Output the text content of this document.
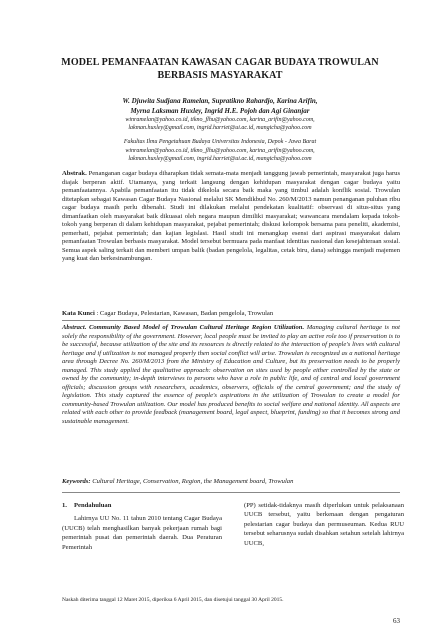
MODEL PEMANFAATAN KAWASAN CAGAR BUDAYA TROWULAN
BERBASIS MASYARAKAT
W. Djuwita Sudjana Ramelan, Supratikno Rahardjo, Karina Arifin,
Myrna Laksman Huxley, Ingrid H.E. Pojoh dan Agi Ginanjar
winramelan@yahoo.co.id, tikno_flhu@yahoo.com, karina_arifin@yahoo.com,
lakman.huxley@gmail.com, ingrid.harriet@ui.ac.id, mangicha@yahoo.com
Fakultas Ilmu Pengetahuan Budaya Universitas Indonesia, Depok - Jawa Barat
winramelan@yahoo.co.id, tikno_flhu@yahoo.com, karina_arifin@yahoo.com,
lakman.huxley@gmail.com, ingrid.harriet@ui.ac.id, mangicha@yahoo.com
Abstrak. Penanganan cagar budaya diharapkan tidak semata-mata menjadi tanggung jawab pemerintah, masyarakat juga harus diajak berperan aktif. Utamanya, yang terkait langsung dengan kehidupan masyarakat dengan cagar budaya yaitu pemanfaatannya. Apabila pemanfaatan itu tidak dikelola secara baik maka yang timbul adalah konflik sosial. Trowulan ditetapkan sebagai Kawasan Cagar Budaya Nasional melalui SK Mendikbud No. 260/M/2013 namun penanganan puluhan ribu cagar budaya masih perlu dibenahi. Studi ini dilakukan melalui pendekatan kualitatif: observasi di situs-situs yang dimanfaatkan oleh masyarakat baik dikuasai oleh negara maupun dimiliki masyarakat; wawancara mendalam kepada tokoh-tokoh yang berperan di dalam kehidupan masyarakat, pejabat pemerintah; diskusi kelompok bersama para peneliti, akademisi, pemerhati, pejabat pemerintah; dan kajian legislasi. Hasil studi ini menangkap esensi dari aspirasi masyarakat dalam pemanfaatan Trowulan berbasis masyarakat. Model tersebut bermuara pada manfaat identitas nasional dan kesejahteraan sosial. Semua aspek saling terkait dan memberi umpan balik (badan pengelola, legalitas, cetak biru, dana) sehingga menjadi majemen yang kuat dan berkesinambungan.
Kata Kunci : Cagar Budaya, Pelestarian, Kawasan, Badan pengelola, Trowulan
Abstract. Community Based Model of Trowulan Cultural Heritage Region Utilization. Managing cultural heritage is not solely the responsibility of the government. However, local people must be invited to play an active role too if preservation is to be successful, because utilization of the site and its resources is directly related to the interaction of people's lives with cultural heritage and if utilization is not managed properly then social conflict will arise. Trowulan is recognized as a national heritage area through Decree No. 260/M/2013 from the Ministry of Education and Culture, but its preservation needs to be properly managed. This study applied the qualitative approach: observation on sites used by people either controlled by the state or owned by the community; in-depth interviews to persons who have a role in public life, and of central and local government officials; discussion groups with researchers, academics, observers, officials of the central government; and the study of legislation. This study captured the essence of people's aspirations in the utilization of Trowulan to create a model for community-based Trowulan utilization. Our model has produced benefits to social welfare and national identity. All aspects are related with each other to provide feedback (management board, legal aspect, blueprint, funding) so that it becomes strong and sustainable management.
Keywords: Cultural Heritage, Conservation, Region, the Management board, Trowulan
1. Pendahuluan
Lahirnya UU No. 11 tahun 2010 tentang Cagar Budaya (UUCB) telah menghasilkan banyak pekerjaan rumah bagi pemerintah pusat dan pemerintah daerah. Dua Peraturan Pemerintah
(PP) setidak-tidaknya masih diperlukan untuk pelaksanaan UUCB tersebut, yaitu berkenaan dengan pengaturan pelestarian cagar budaya dan permuseuman. Kedua RUU tersebut seharusnya sudah disahkan setahun setelah lahirnya UUCB,
Naskah diterima tanggal 12 Maret 2015, diperiksa 6 April 2015, dan disetujui tanggal 30 April 2015.
63
